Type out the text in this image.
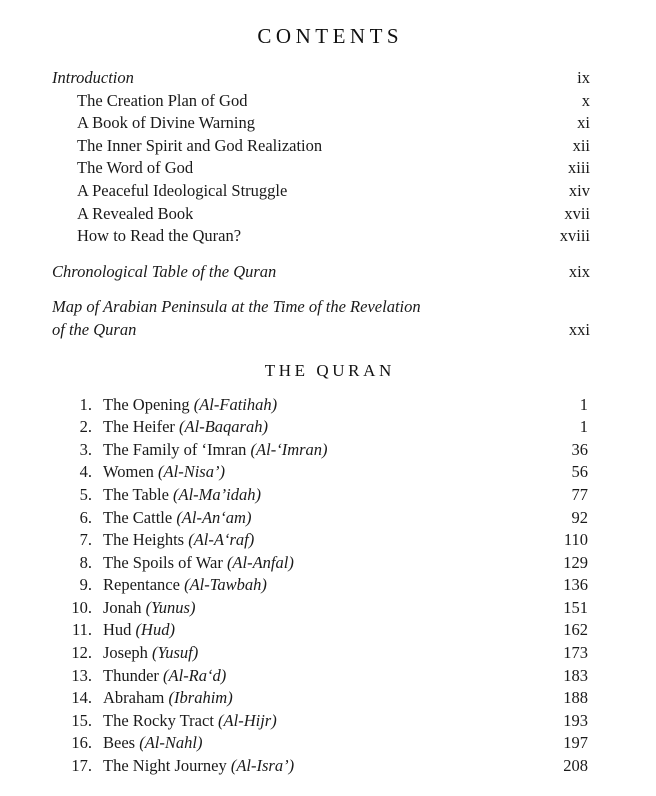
CONTENTS
Introduction	ix
The Creation Plan of God	x
A Book of Divine Warning	xi
The Inner Spirit and God Realization	xii
The Word of God	xiii
A Peaceful Ideological Struggle	xiv
A Revealed Book	xvii
How to Read the Quran?	xviii
Chronological Table of the Quran	xix
Map of Arabian Peninsula at the Time of the Revelation of the Quran	xxi
THE QURAN
1. The Opening (Al-Fatihah)	1
2. The Heifer (Al-Baqarah)	1
3. The Family of ʻImran (Al-ʻImran)	36
4. Women (Al-Nisa’)	56
5. The Table (Al-Ma’idah)	77
6. The Cattle (Al-Anʻam)	92
7. The Heights (Al-Aʻraf)	110
8. The Spoils of War (Al-Anfal)	129
9. Repentance (Al-Tawbah)	136
10. Jonah (Yunus)	151
11. Hud (Hud)	162
12. Joseph (Yusuf)	173
13. Thunder (Al-Raʻd)	183
14. Abraham (Ibrahim)	188
15. The Rocky Tract (Al-Hijr)	193
16. Bees (Al-Nahl)	197
17. The Night Journey (Al-Isra’)	208
